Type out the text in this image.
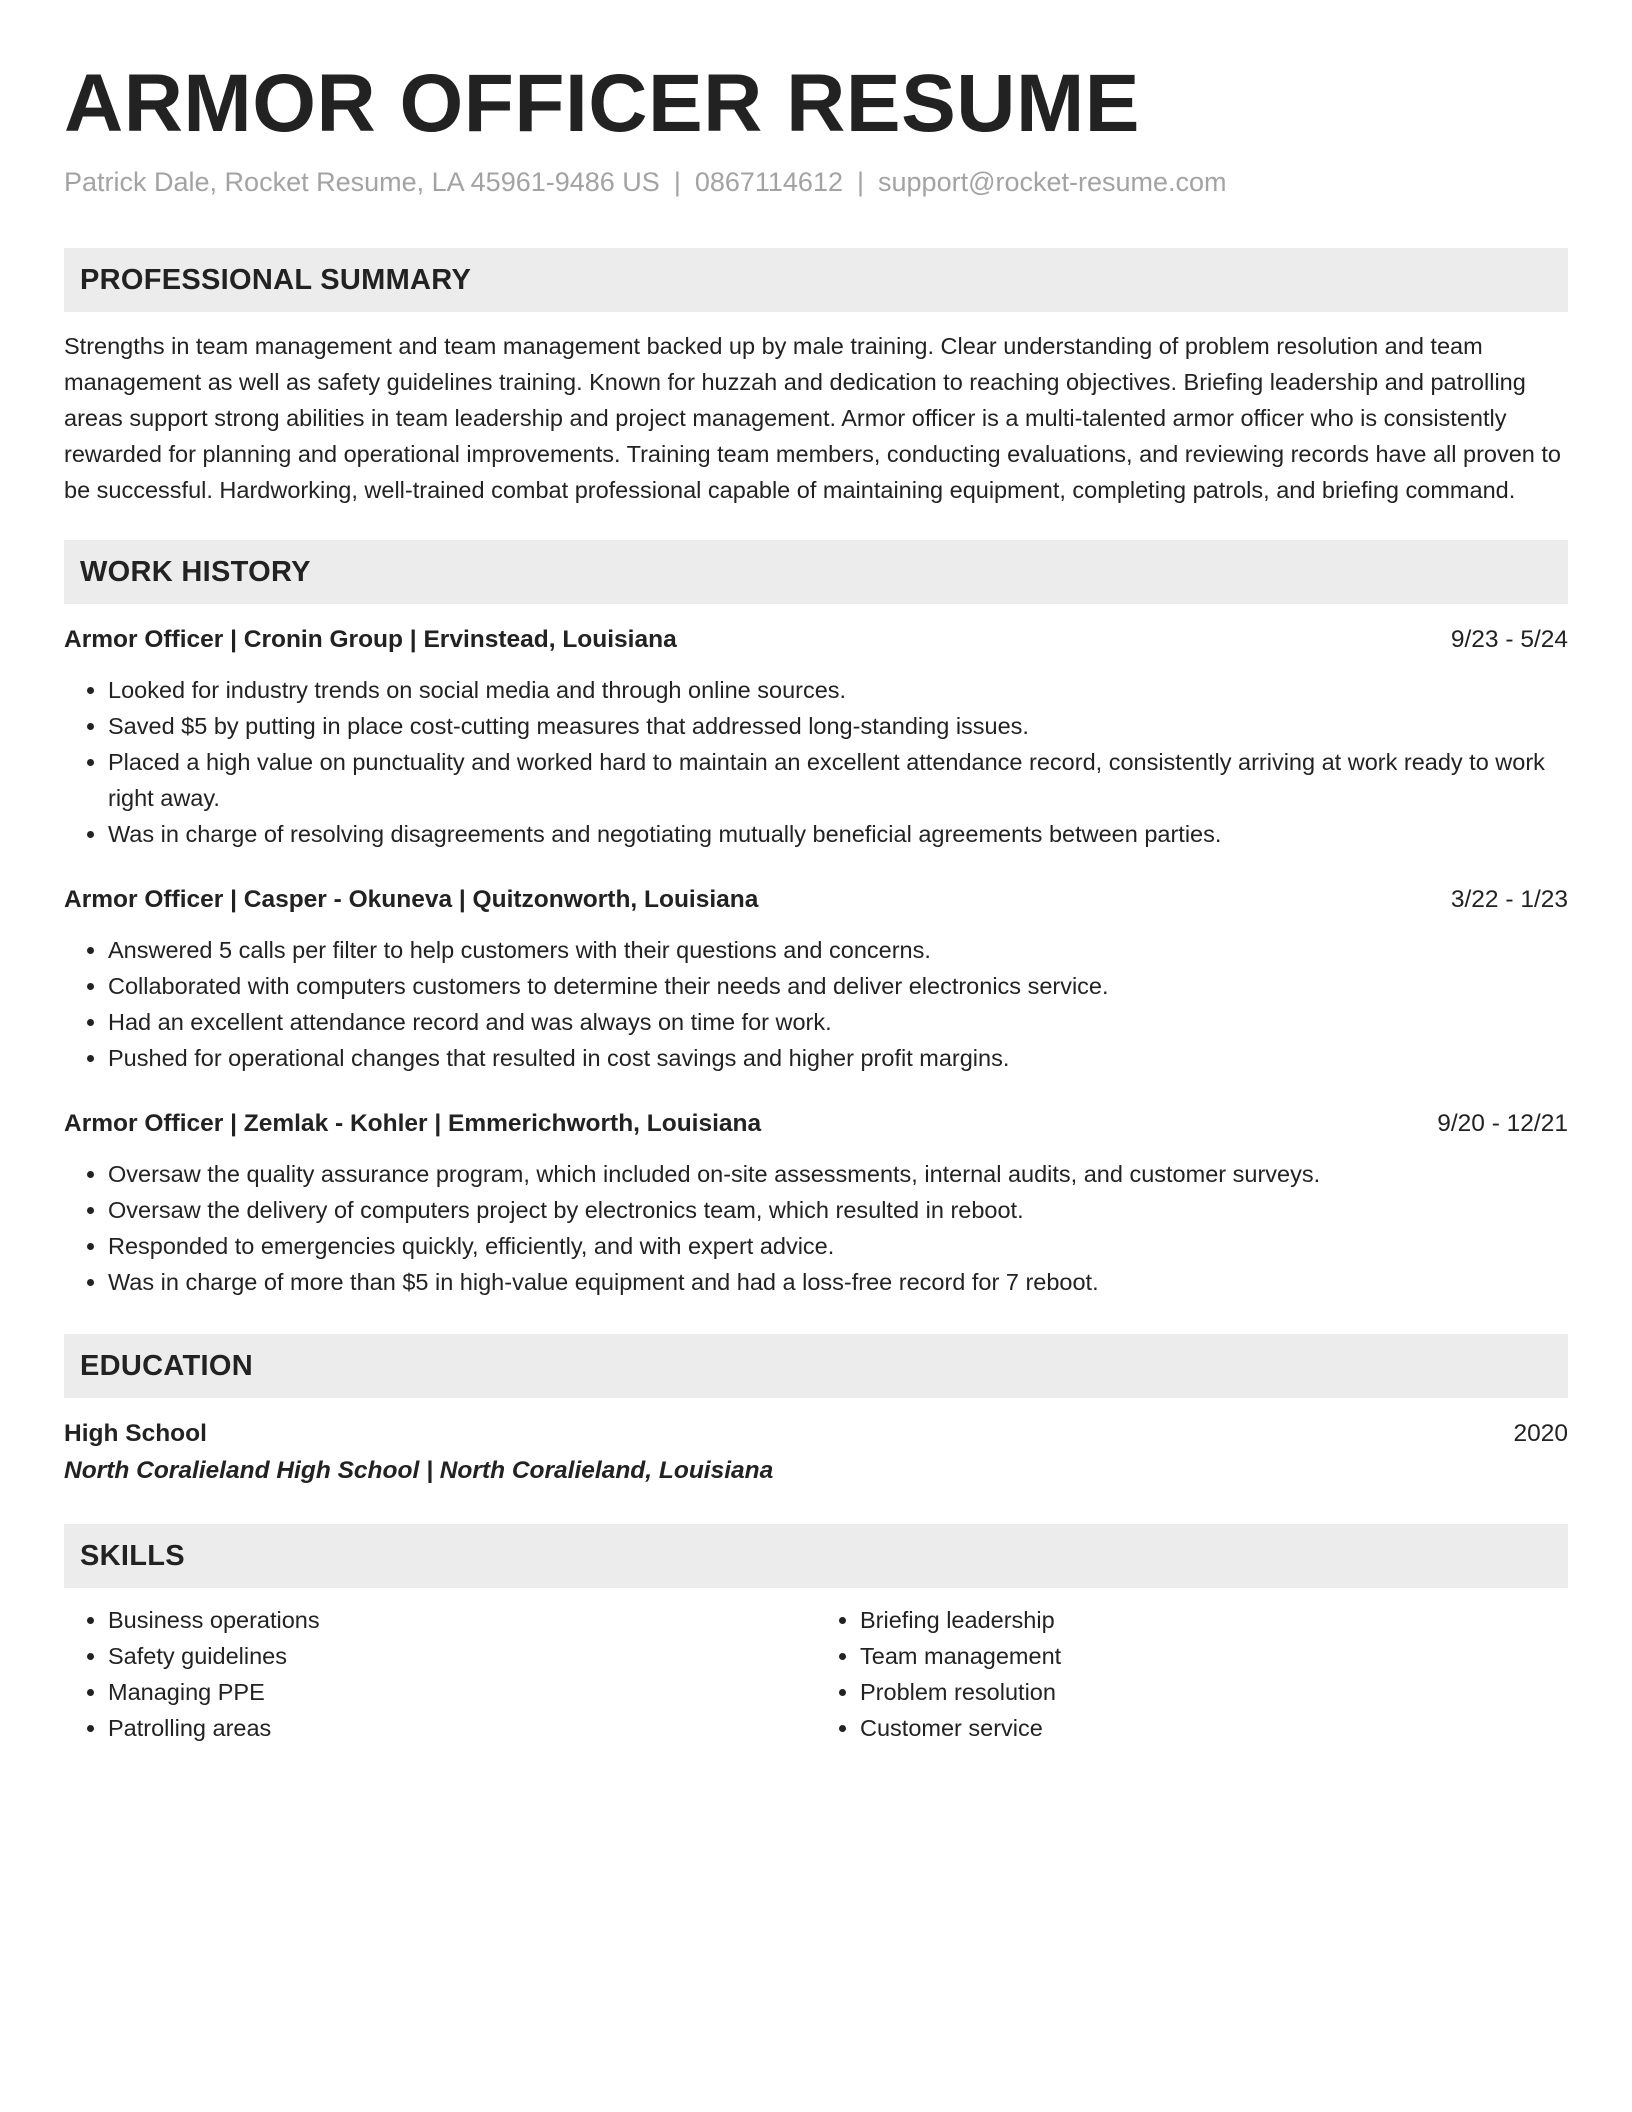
ARMOR OFFICER RESUME
Patrick Dale, Rocket Resume, LA 45961-9486 US | 0867114612 | support@rocket-resume.com
PROFESSIONAL SUMMARY

Strengths in team management and team management backed up by male training. Clear understanding of problem resolution and team management as well as safety guidelines training. Known for huzzah and dedication to reaching objectives. Briefing leadership and patrolling areas support strong abilities in team leadership and project management. Armor officer is a multi-talented armor officer who is consistently rewarded for planning and operational improvements. Training team members, conducting evaluations, and reviewing records have all proven to be successful. Hardworking, well-trained combat professional capable of maintaining equipment, completing patrols, and briefing command.

WORK HISTORY
Armor Officer | Cronin Group | Ervinstead, Louisiana	9/23 - 5/24
• Looked for industry trends on social media and through online sources.
• Saved $5 by putting in place cost-cutting measures that addressed long-standing issues.
• Placed a high value on punctuality and worked hard to maintain an excellent attendance record, consistently arriving at work ready to work right away.
• Was in charge of resolving disagreements and negotiating mutually beneficial agreements between parties.
Armor Officer | Casper - Okuneva | Quitzonworth, Louisiana	3/22 - 1/23
• Answered 5 calls per filter to help customers with their questions and concerns.
• Collaborated with computers customers to determine their needs and deliver electronics service.
• Had an excellent attendance record and was always on time for work.
• Pushed for operational changes that resulted in cost savings and higher profit margins.
Armor Officer | Zemlak - Kohler | Emmerichworth, Louisiana	9/20 - 12/21
• Oversaw the quality assurance program, which included on-site assessments, internal audits, and customer surveys.
• Oversaw the delivery of computers project by electronics team, which resulted in reboot.
• Responded to emergencies quickly, efficiently, and with expert advice.
• Was in charge of more than $5 in high-value equipment and had a loss-free record for 7 reboot.
EDUCATION
High School	2020
North Coralieland High School | North Coralieland, Louisiana
SKILLS
• Business operations
• Safety guidelines
• Managing PPE
• Patrolling areas
• Briefing leadership
• Team management
• Problem resolution
• Customer service
